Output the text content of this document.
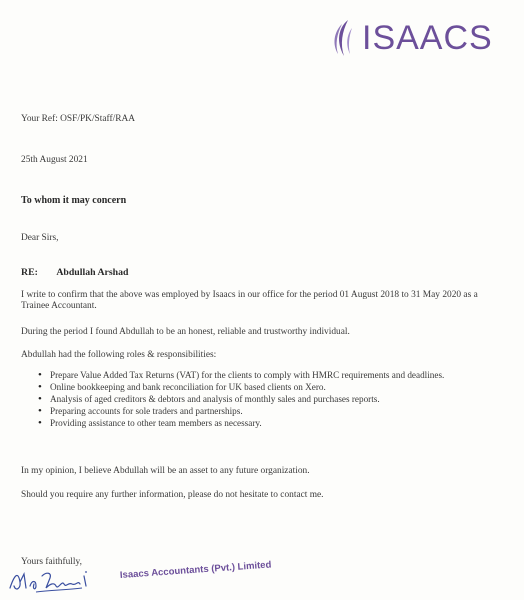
ISAACS
Your Ref: OSF/PK/Staff/RAA
25th August 2021
To whom it may concern
Dear Sirs,
RE: Abdullah Arshad
I write to confirm that the above was employed by Isaacs in our office for the period 01 August 2018 to 31 May 2020 as a Trainee Accountant.
During the period I found Abdullah to be an honest, reliable and trustworthy individual.
Abdullah had the following roles & responsibilities:
• Prepare Value Added Tax Returns (VAT) for the clients to comply with HMRC requirements and deadlines.
• Online bookkeeping and bank reconciliation for UK based clients on Xero.
• Analysis of aged creditors & debtors and analysis of monthly sales and purchases reports.
• Preparing accounts for sole traders and partnerships.
• Providing assistance to other team members as necessary.
In my opinion, I believe Abdullah will be an asset to any future organization.
Should you require any further information, please do not hesitate to contact me.
Yours faithfully,	Isaacs Accountants (Pvt.) Limited
